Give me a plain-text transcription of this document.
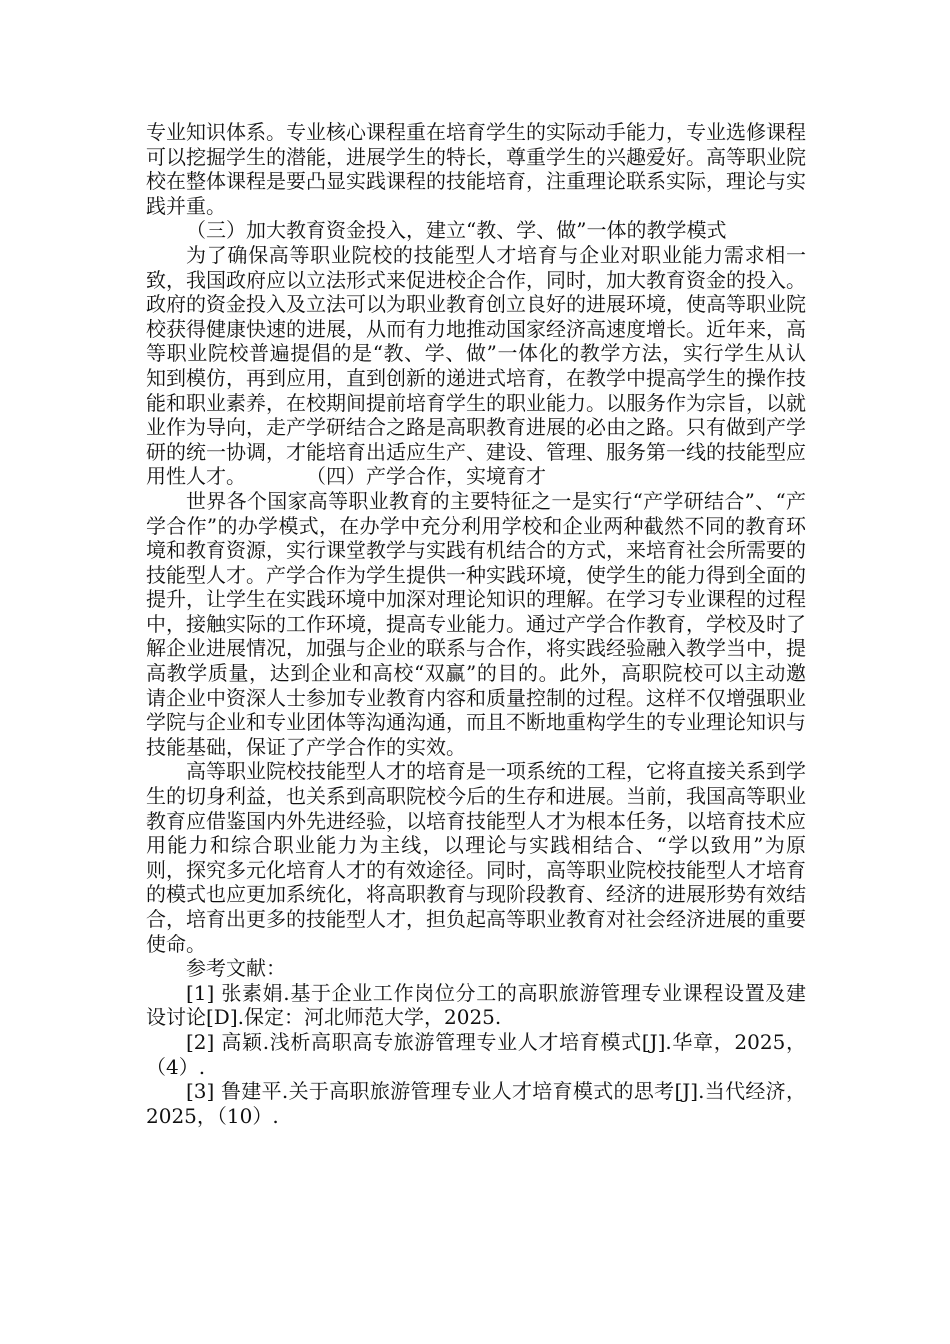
专业知识体系。专业核心课程重在培育学生的实际动手能力，专业选修课程可以挖掘学生的潜能，进展学生的特长，尊重学生的兴趣爱好。高等职业院校在整体课程是要凸显实践课程的技能培育，注重理论联系实际，理论与实践并重。

（三）加大教育资金投入，建立“教、学、做”一体的教学模式

为了确保高等职业院校的技能型人才培育与企业对职业能力需求相一致，我国政府应以立法形式来促进校企合作，同时，加大教育资金的投入。政府的资金投入及立法可以为职业教育创立良好的进展环境，使高等职业院校获得健康快速的进展，从而有力地推动国家经济高速度增长。近年来，高等职业院校普遍提倡的是“教、学、做”一体化的教学方法，实行学生从认知到模仿，再到应用，直到创新的递进式培育，在教学中提高学生的操作技能和职业素养，在校期间提前培育学生的职业能力。以服务作为宗旨，以就业作为导向，走产学研结合之路是高职教育进展的必由之路。只有做到产学研的统一协调，才能培育出适应生产、建设、管理、服务第一线的技能型应用性人才。	（四）产学合作，实境育才

世界各个国家高等职业教育的主要特征之一是实行“产学研结合”、“产学合作”的办学模式，在办学中充分利用学校和企业两种截然不同的教育环境和教育资源，实行课堂教学与实践有机结合的方式，来培育社会所需要的技能型人才。产学合作为学生提供一种实践环境，使学生的能力得到全面的提升，让学生在实践环境中加深对理论知识的理解。在学习专业课程的过程中，接触实际的工作环境，提高专业能力。通过产学合作教育，学校及时了解企业进展情况，加强与企业的联系与合作，将实践经验融入教学当中，提高教学质量，达到企业和高校“双赢”的目的。此外，高职院校可以主动邀请企业中资深人士参加专业教育内容和质量控制的过程。这样不仅增强职业学院与企业和专业团体等沟通沟通，而且不断地重构学生的专业理论知识与技能基础，保证了产学合作的实效。

高等职业院校技能型人才的培育是一项系统的工程，它将直接关系到学生的切身利益，也关系到高职院校今后的生存和进展。当前，我国高等职业教育应借鉴国内外先进经验，以培育技能型人才为根本任务，以培育技术应用能力和综合职业能力为主线，以理论与实践相结合、“学以致用”为原则，探究多元化培育人才的有效途径。同时，高等职业院校技能型人才培育的模式也应更加系统化，将高职教育与现阶段教育、经济的进展形势有效结合，培育出更多的技能型人才，担负起高等职业教育对社会经济进展的重要使命。

参考文献：

[1] 张素娟.基于企业工作岗位分工的高职旅游管理专业课程设置及建设讨论[D].保定：河北师范大学，2025.

[2] 高颖.浅析高职高专旅游管理专业人才培育模式[J].华章，2025，（4）.

[3] 鲁建平.关于高职旅游管理专业人才培育模式的思考[J].当代经济，2025，（10）.
